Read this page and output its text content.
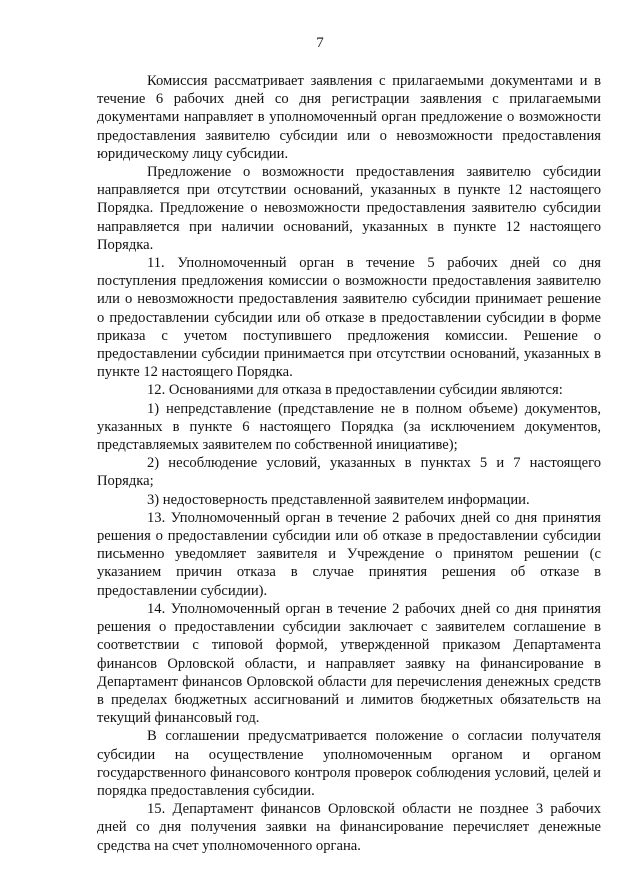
7

Комиссия рассматривает заявления с прилагаемыми документами и в течение 6 рабочих дней со дня регистрации заявления с прилагаемыми документами направляет в уполномоченный орган предложение о возможности предоставления заявителю субсидии или о невозможности предоставления юридическому лицу субсидии.

Предложение о возможности предоставления заявителю субсидии направляется при отсутствии оснований, указанных в пункте 12 настоящего Порядка. Предложение о невозможности предоставления заявителю субсидии направляется при наличии оснований, указанных в пункте 12 настоящего Порядка.

11. Уполномоченный орган в течение 5 рабочих дней со дня поступления предложения комиссии о возможности предоставления заявителю или о невозможности предоставления заявителю субсидии принимает решение о предоставлении субсидии или об отказе в предоставлении субсидии в форме приказа с учетом поступившего предложения комиссии. Решение о предоставлении субсидии принимается при отсутствии оснований, указанных в пункте 12 настоящего Порядка.

12. Основаниями для отказа в предоставлении субсидии являются:

1) непредставление (представление не в полном объеме) документов, указанных в пункте 6 настоящего Порядка (за исключением документов, представляемых заявителем по собственной инициативе);

2) несоблюдение условий, указанных в пунктах 5 и 7 настоящего Порядка;

3) недостоверность представленной заявителем информации.

13. Уполномоченный орган в течение 2 рабочих дней со дня принятия решения о предоставлении субсидии или об отказе в предоставлении субсидии письменно уведомляет заявителя и Учреждение о принятом решении (с указанием причин отказа в случае принятия решения об отказе в предоставлении субсидии).

14. Уполномоченный орган в течение 2 рабочих дней со дня принятия решения о предоставлении субсидии заключает с заявителем соглашение в соответствии с типовой формой, утвержденной приказом Департамента финансов Орловской области, и направляет заявку на финансирование в Департамент финансов Орловской области для перечисления денежных средств в пределах бюджетных ассигнований и лимитов бюджетных обязательств на текущий финансовый год.

В соглашении предусматривается положение о согласии получателя субсидии на осуществление уполномоченным органом и органом государственного финансового контроля проверок соблюдения условий, целей и порядка предоставления субсидии.

15. Департамент финансов Орловской области не позднее 3 рабочих дней со дня получения заявки на финансирование перечисляет денежные средства на счет уполномоченного органа.
